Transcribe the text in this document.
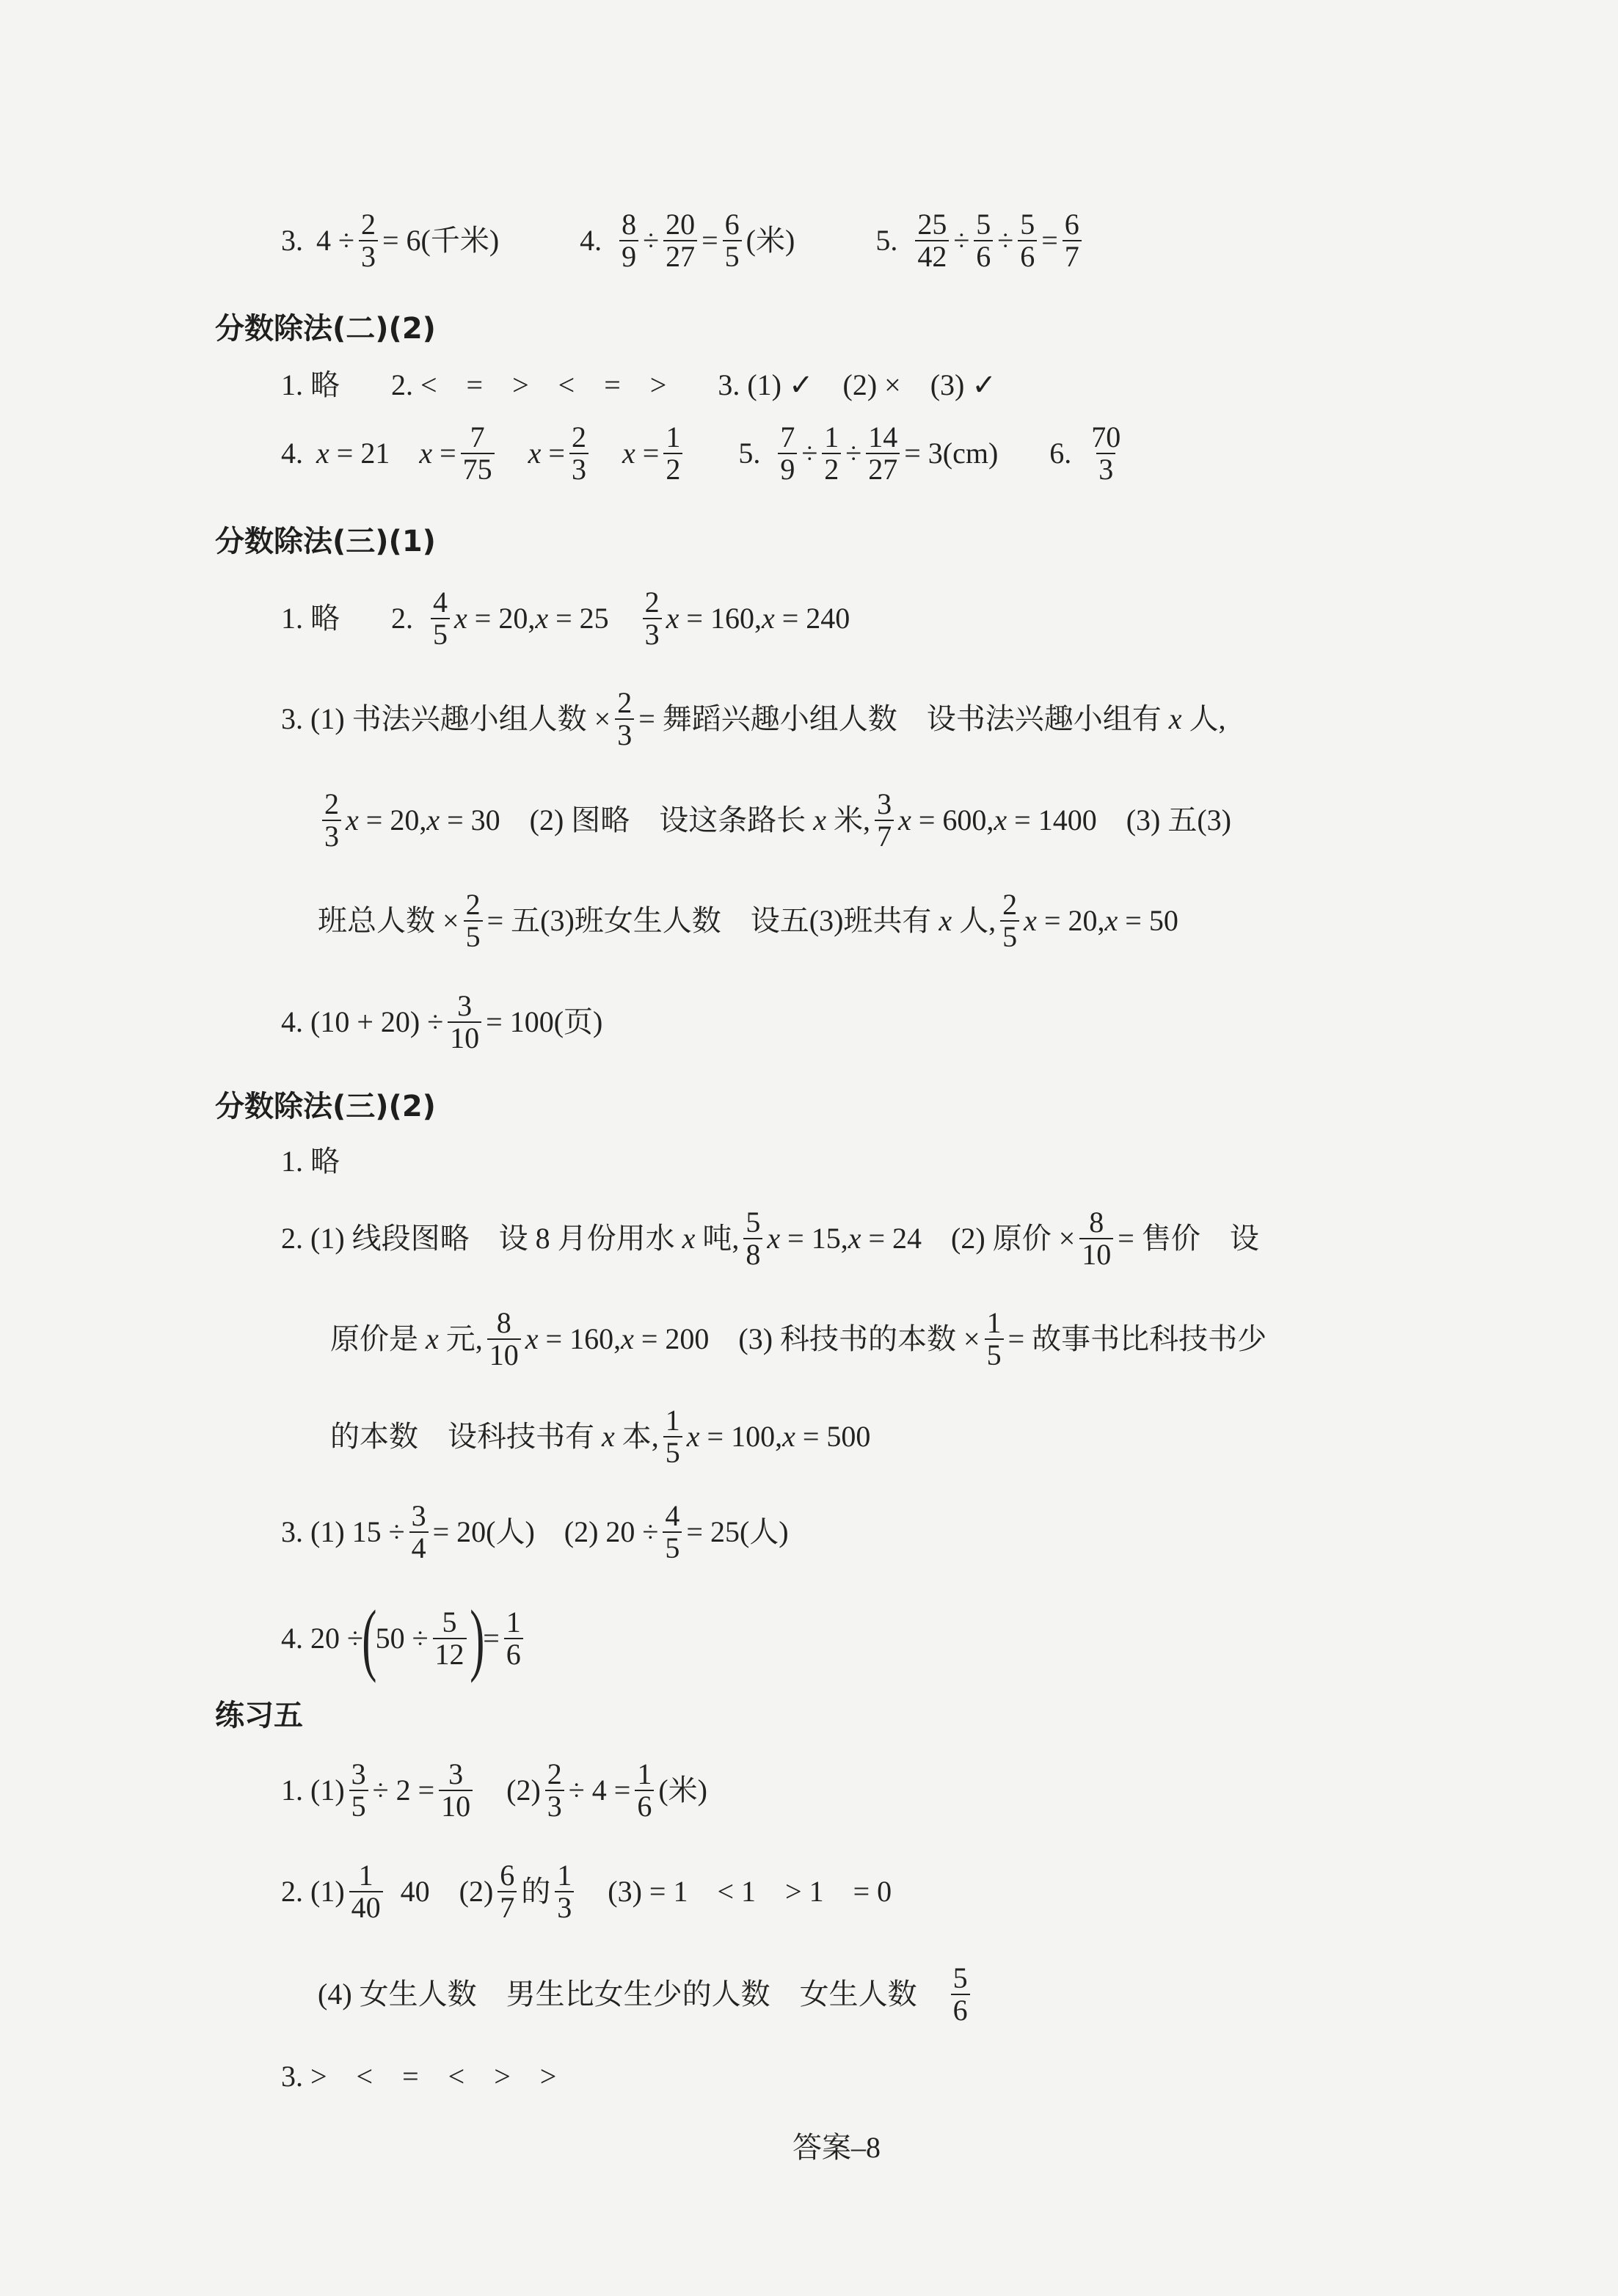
3. $4 \div \frac{2}{3} = 6$(千米)	4. $\frac{8}{9} \div \frac{20}{27} = \frac{6}{5}$ (米)	5. $\frac{25}{42} \div \frac{5}{6} \div \frac{5}{6} = \frac{6}{7}$
分数除法(二)(2)
1. 略 2. <　=　>　<　=　> 3. (1) ✓　(2) ×　(3) ✓
4. x
= 21 x
= $\frac{7}{75}$ x
= $\frac{2}{3}$ x
= $\frac{1}{2} 5$. $\frac{7}{9} \div \frac{1}{2} \div \frac{14}{27} = 3(cm)$ 6. $\frac{70}{3}$
分数除法(三)(1)
1. 略 2. $\frac{4}{5}$ x
= 20, x
= $25 \frac{2}{3}$ x
= 160, x
= 240
3. (1) 书法兴趣小组人数 × $\frac{2}{3}$ = 舞蹈兴趣小组人数　设书法兴趣小组有
x
人,
$\frac{2}{3}$ x
= 20, x
= 30　(2) 图略　设这条路长
x
米, $\frac{3}{7}$ x
= 600, x
= 1400　(3) 五(3)
班总人数 × $\frac{2}{5}$ = 五(3)班女生人数　设五(3)班共有
x
人, $\frac{2}{5}$ x
= 20, x
= 50
4. $(10 + 20) \div \frac{3}{10} = 100$(页)
分数除法(三)(2)
1. 略
2. (1) 线段图略　设 8 月份用水
x
吨, $\frac{5}{8}$ x
= 15, x
= 24　(2) 原价 × $\frac{8}{10}$ = 售价　设
原价是
x
元, $\frac{8}{10}$ x
= 160, x
= 200　(3) 科技书的本数 × $\frac{1}{5}$ = 故事书比科技书少
的本数　设科技书有
x
本, $\frac{1}{5}$ x
= 100, x
= 500
3. (1) $15 \div \frac{3}{4} = 20$(人)　(2) $20 \div \frac{4}{5} = 25$(人)
4. 20 ÷
(
$50 \div \frac{5}{12}$ )
= $\frac{1}{6}$
练习五
1. $(1) \frac{3}{5} \div 2 = \frac{3}{10} (2) \frac{2}{3} \div 4 = \frac{1}{6}$ (米)
2. $(1) \frac{1}{40} 40$　$(2) \frac{6}{7}$ 的 $\frac{1}{3} (3) = 1$　< 1　> 1　= 0
(4) 女生人数　男生比女生少的人数　女生人数 $\frac{5}{6}$
3. >　<　=　<　>　>
答案–8
